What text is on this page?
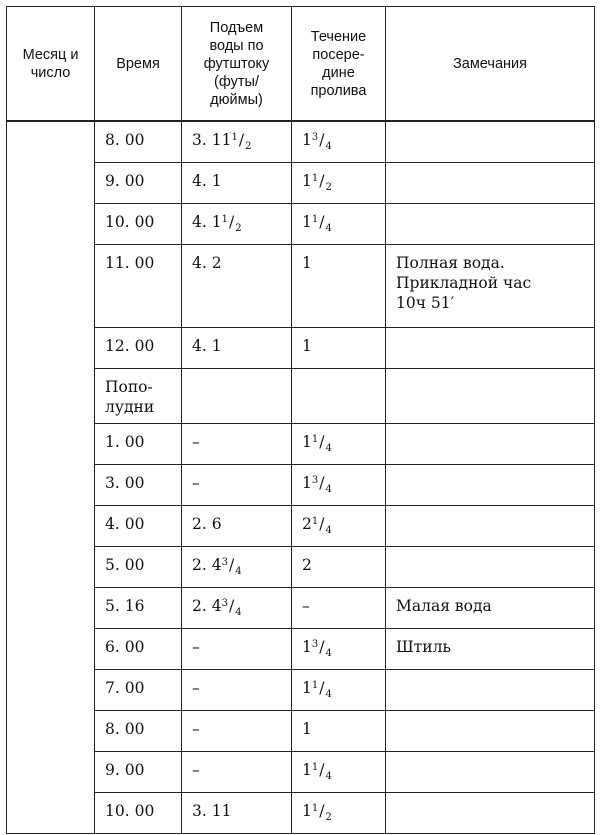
Месяц и число	Время	Подъем воды по футштоку (футы/дюймы)	Течение посере-дине пролива	Замечания
	8. 00	3. $11^1/_2$	$1^3/_4$	
	9. 00	4. 1	$1^1/_2$	
	10. 00	4. $1^1/_2$	$1^1/_4$	
	11. 00	4. 2	1	Полная вода. Прикладной час 10ч 51′
	12. 00	4. 1	1	

	Попо-
лудни			

	1. 00	–	$1^1/_4$	
	3. 00	–	$1^3/_4$	
	4. 00	2. 6	$2^1/_4$	
	5. 00	2. $4^3/_4$	2	
	5. 16	2. $4^3/_4$	–	Малая вода
	6. 00	–	$1^3/_4$	Штиль
	7. 00	–	$1^1/_4$	
	8. 00	–	1	
	9. 00	–	$1^1/_4$	
	10. 00	3. 11	$1^1/_2$	
